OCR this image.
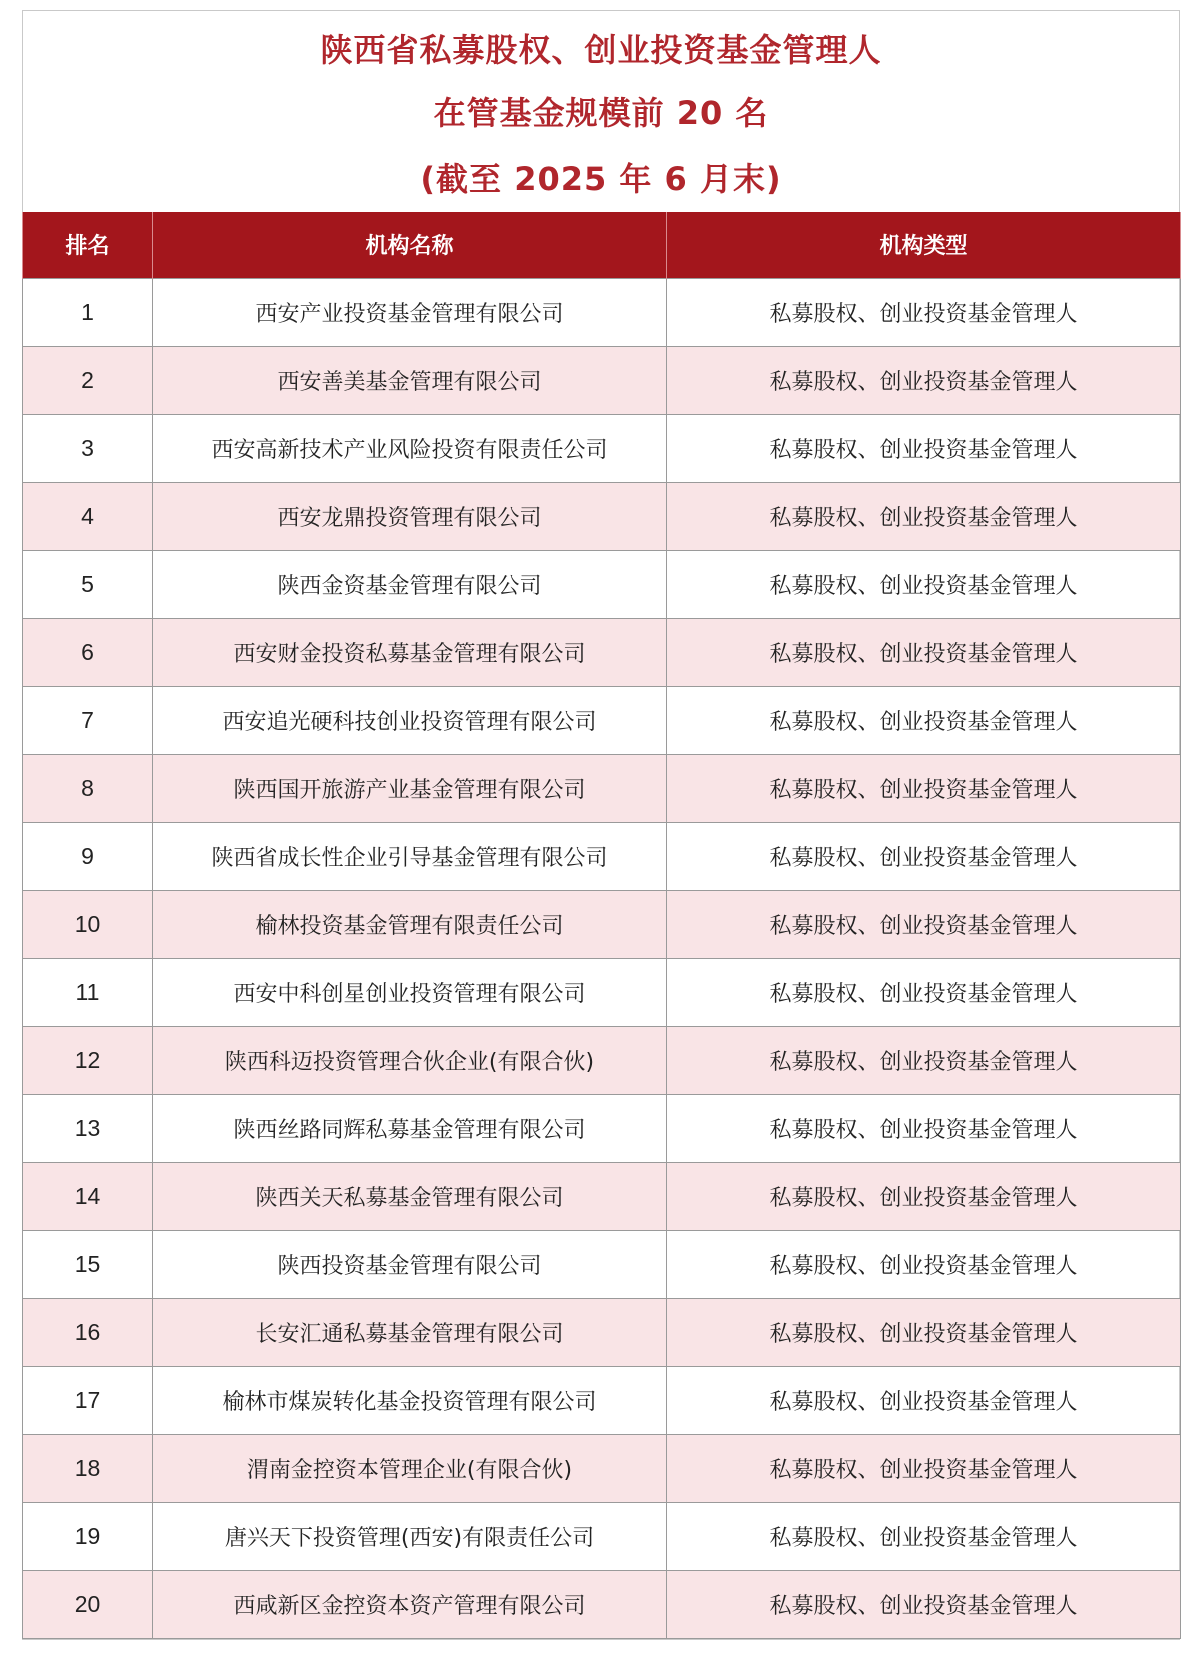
陕西省私募股权、创业投资基金管理人
在管基金规模前 20 名
(截至 2025 年 6 月末)
排名	机构名称	机构类型
1	西安产业投资基金管理有限公司	私募股权、创业投资基金管理人
2	西安善美基金管理有限公司	私募股权、创业投资基金管理人
3	西安高新技术产业风险投资有限责任公司	私募股权、创业投资基金管理人
4	西安龙鼎投资管理有限公司	私募股权、创业投资基金管理人
5	陕西金资基金管理有限公司	私募股权、创业投资基金管理人
6	西安财金投资私募基金管理有限公司	私募股权、创业投资基金管理人
7	西安追光硬科技创业投资管理有限公司	私募股权、创业投资基金管理人
8	陕西国开旅游产业基金管理有限公司	私募股权、创业投资基金管理人
9	陕西省成长性企业引导基金管理有限公司	私募股权、创业投资基金管理人
10	榆林投资基金管理有限责任公司	私募股权、创业投资基金管理人
11	西安中科创星创业投资管理有限公司	私募股权、创业投资基金管理人
12	陕西科迈投资管理合伙企业(有限合伙)	私募股权、创业投资基金管理人
13	陕西丝路同辉私募基金管理有限公司	私募股权、创业投资基金管理人
14	陕西关天私募基金管理有限公司	私募股权、创业投资基金管理人
15	陕西投资基金管理有限公司	私募股权、创业投资基金管理人
16	长安汇通私募基金管理有限公司	私募股权、创业投资基金管理人
17	榆林市煤炭转化基金投资管理有限公司	私募股权、创业投资基金管理人
18	渭南金控资本管理企业(有限合伙)	私募股权、创业投资基金管理人
19	唐兴天下投资管理(西安)有限责任公司	私募股权、创业投资基金管理人
20	西咸新区金控资本资产管理有限公司	私募股权、创业投资基金管理人
